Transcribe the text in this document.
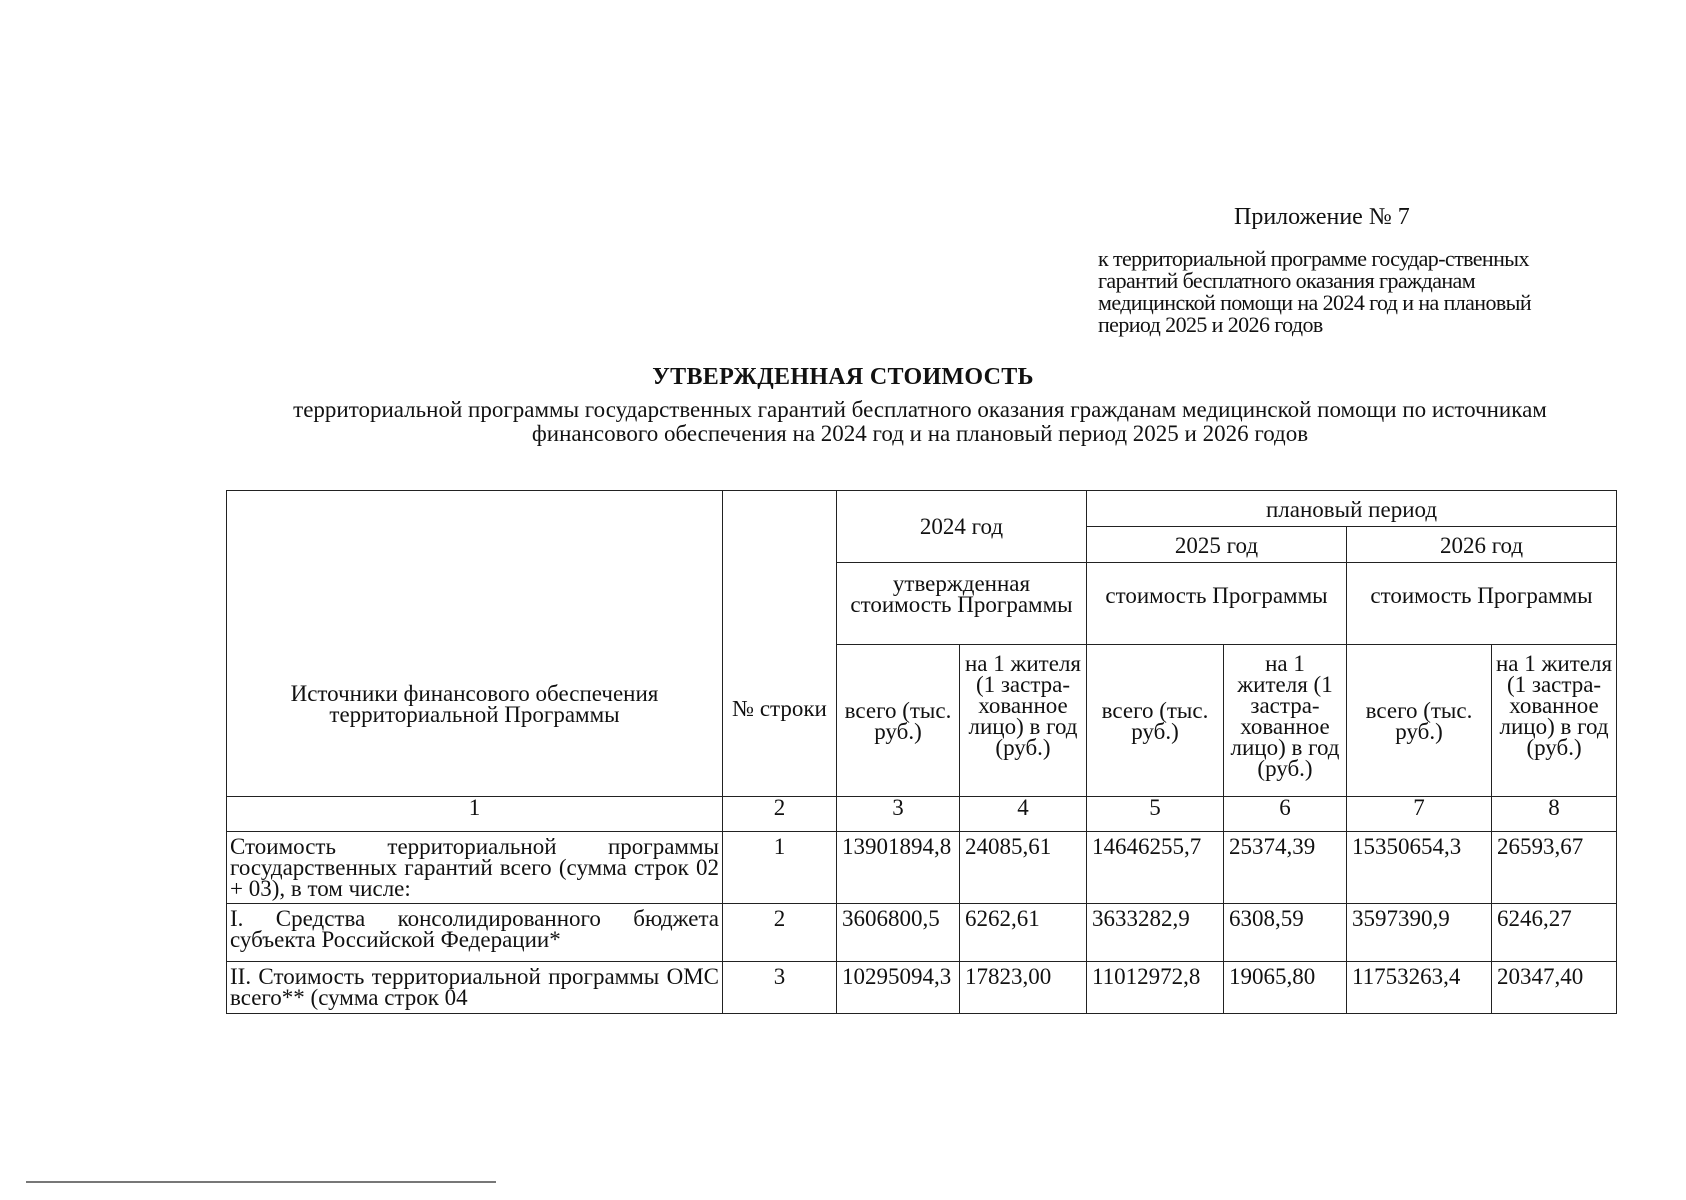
Приложение № 7
к территориальной программе государ-ственных гарантий бесплатного оказания гражданам медицинской помощи на 2024 год и на плановый период 2025 и 2026 годов
УТВЕРЖДЕННАЯ СТОИМОСТЬ
территориальной программы государственных гарантий бесплатного оказания гражданам медицинской помощи по источникам финансового обеспечения на 2024 год и на плановый период 2025 и 2026 годов
Источники финансового обеспечения территориальной Программы	№ строки	2024 год		плановый период			
				2025 год		2026 год	
		утвержденная стоимость Программы		стоимость Программы		стоимость Программы	
		всего (тыс. руб.)	на 1 жителя (1 застра-хованное лицо) в год (руб.)	всего (тыс. руб.)	на 1 жителя (1 застра-хованное лицо) в год (руб.)	всего (тыс. руб.)	на 1 жителя (1 застра-хованное лицо) в год (руб.)
1	2	3	4	5	6	7	8
Стоимость территориальной программы государственных гарантий всего (сумма строк 02 + 03), в том числе:	1	13901894,8	24085,61	14646255,7	25374,39	15350654,3	26593,67
I. Средства консолидированного бюджета субъекта Российской Федерации*	2	3606800,5	6262,61	3633282,9	6308,59	3597390,9	6246,27
II. Стоимость территориальной программы ОМС всего** (сумма строк 04	3	10295094,3	17823,00	11012972,8	19065,80	11753263,4	20347,40
